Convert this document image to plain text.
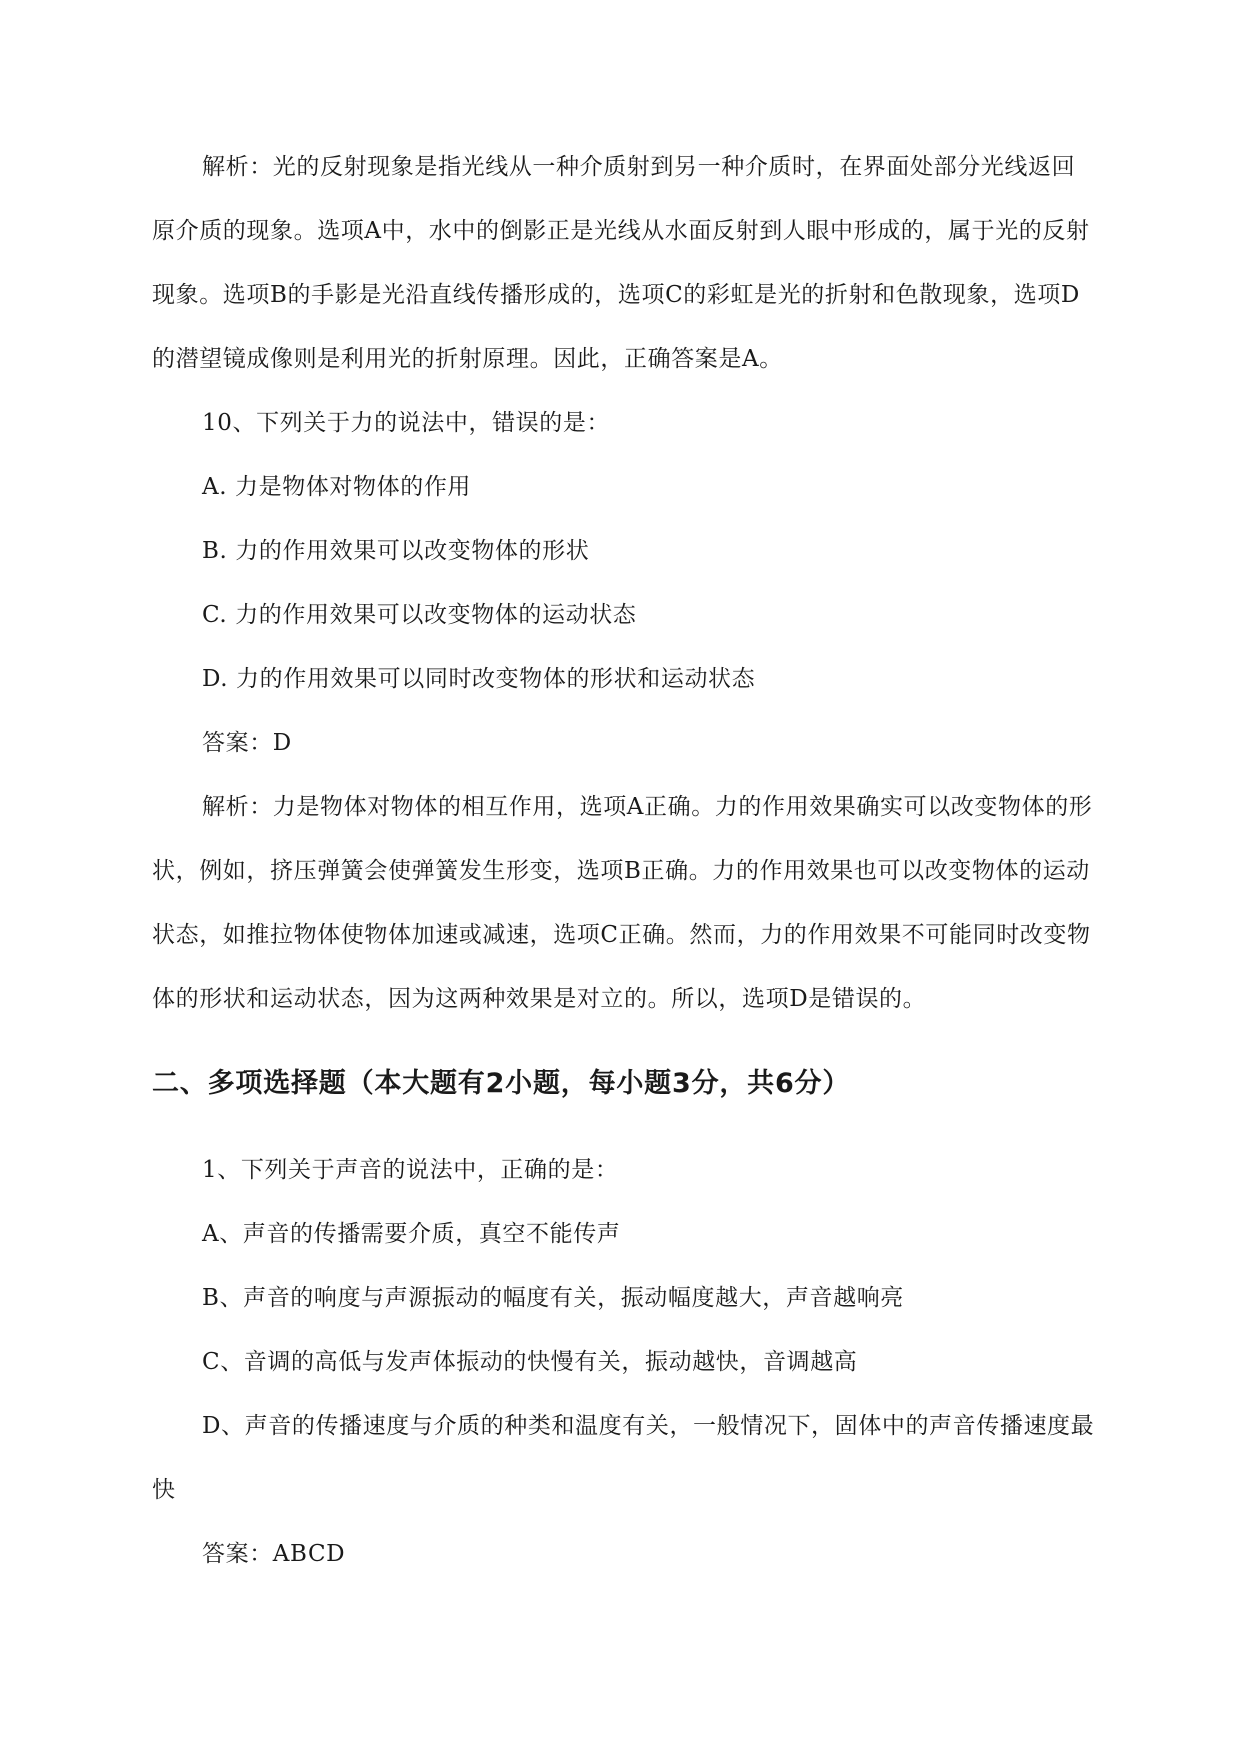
解析：光的反射现象是指光线从一种介质射到另一种介质时，在界面处部分光线返回原介质的现象。选项A中，水中的倒影正是光线从水面反射到人眼中形成的，属于光的反射现象。选项B的手影是光沿直线传播形成的，选项C的彩虹是光的折射和色散现象，选项D的潜望镜成像则是利用光的折射原理。因此，正确答案是A。

10、下列关于力的说法中，错误的是：

A. 力是物体对物体的作用

B. 力的作用效果可以改变物体的形状

C. 力的作用效果可以改变物体的运动状态

D. 力的作用效果可以同时改变物体的形状和运动状态

答案：D

解析：力是物体对物体的相互作用，选项A正确。力的作用效果确实可以改变物体的形状，例如，挤压弹簧会使弹簧发生形变，选项B正确。力的作用效果也可以改变物体的运动状态，如推拉物体使物体加速或减速，选项C正确。然而，力的作用效果不可能同时改变物体的形状和运动状态，因为这两种效果是对立的。所以，选项D是错误的。

二、多项选择题（本大题有2小题，每小题3分，共6分）

1、下列关于声音的说法中，正确的是：

A、声音的传播需要介质，真空不能传声

B、声音的响度与声源振动的幅度有关，振动幅度越大，声音越响亮

C、音调的高低与发声体振动的快慢有关，振动越快，音调越高

D、声音的传播速度与介质的种类和温度有关，一般情况下，固体中的声音传播速度最快

答案：ABCD
